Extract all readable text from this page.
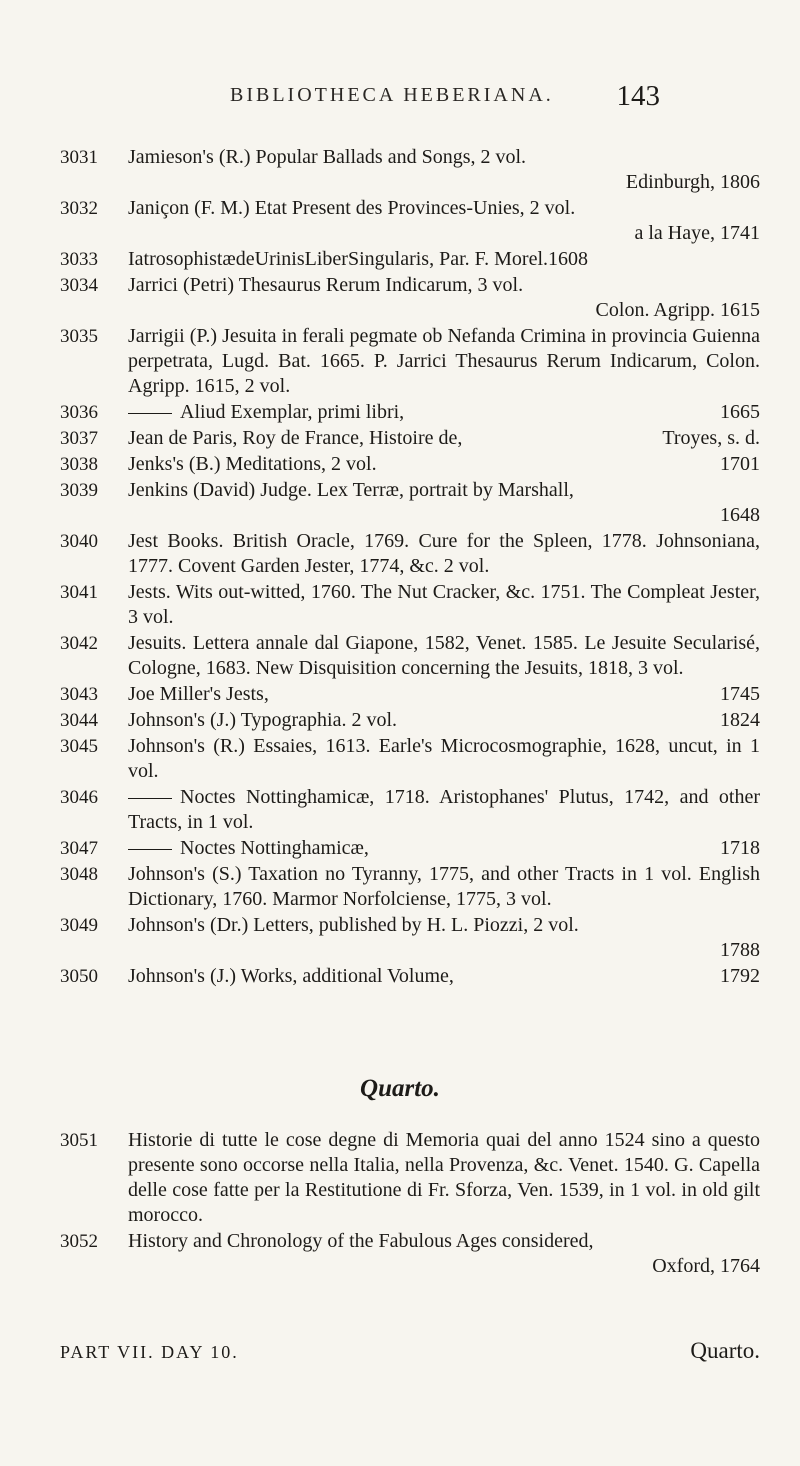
BIBLIOTHECA HEBERIANA. 143
3031	Jamieson's (R.) Popular Ballads and Songs, 2 vol.
Edinburgh, 1806
3032	Janiçon (F. M.) Etat Present des Provinces-Unies, 2 vol.
a la Haye, 1741
3033	IatrosophistædeUrinisLiberSingularis, Par. F. Morel.1608
3034	Jarrici (Petri) Thesaurus Rerum Indicarum, 3 vol.
Colon. Agripp. 1615
3035	Jarrigii (P.) Jesuita in ferali pegmate ob Nefanda Crimina in provincia Guienna perpetrata, Lugd. Bat. 1665. P. Jarrici Thesaurus Rerum Indicarum, Colon. Agripp. 1615, 2 vol.
3036	Aliud Exemplar, primi libri,	1665
3037	Jean de Paris, Roy de France, Histoire de,	Troyes, s. d.
3038	Jenks's (B.) Meditations, 2 vol.	1701
3039	Jenkins (David) Judge. Lex Terræ, portrait by Marshall,
1648
3040	Jest Books. British Oracle, 1769. Cure for the Spleen, 1778. Johnsoniana, 1777. Covent Garden Jester, 1774, &c. 2 vol.
3041	Jests. Wits out-witted, 1760. The Nut Cracker, &c. 1751. The Compleat Jester, 3 vol.
3042	Jesuits. Lettera annale dal Giapone, 1582, Venet. 1585. Le Jesuite Secularisé, Cologne, 1683. New Disquisition concerning the Jesuits, 1818, 3 vol.
3043	Joe Miller's Jests,	1745
3044	Johnson's (J.) Typographia. 2 vol.	1824
3045	Johnson's (R.) Essaies, 1613. Earle's Microcosmographie, 1628, uncut, in 1 vol.
3046	Noctes Nottinghamicæ, 1718. Aristophanes' Plutus, 1742, and other Tracts, in 1 vol.
3047	Noctes Nottinghamicæ,	1718
3048	Johnson's (S.) Taxation no Tyranny, 1775, and other Tracts in 1 vol. English Dictionary, 1760. Marmor Norfolciense, 1775, 3 vol.
3049	Johnson's (Dr.) Letters, published by H. L. Piozzi, 2 vol.
1788
3050	Johnson's (J.) Works, additional Volume,	1792
Quarto.
3051	Historie di tutte le cose degne di Memoria quai del anno 1524 sino a questo presente sono occorse nella Italia, nella Provenza, &c. Venet. 1540. G. Capella delle cose fatte per la Restitutione di Fr. Sforza, Ven. 1539, in 1 vol. in old gilt morocco.
3052	History and Chronology of the Fabulous Ages considered,
Oxford, 1764
PART VII. DAY 10.	Quarto.
